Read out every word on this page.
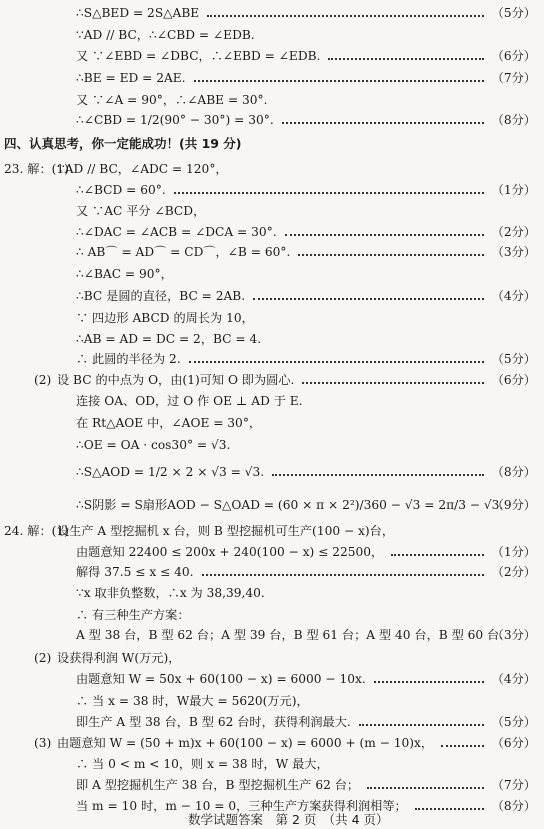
∴S△BED = 2S△ABE	（5分）
∵AD // BC，∴∠CBD = ∠EDB.
又 ∵∠EBD = ∠DBC，∴∠EBD = ∠EDB.	（6分）
∴BE = ED = 2AE.	（7分）
又 ∵∠A = 90°，∴∠ABE = 30°.
∴∠CBD = 1/2(90° − 30°) = 30°.	（8分）
四、认真思考，你一定能成功！(共 19 分)
23. 解：(1)
∵AD // BC，∠ADC = 120°，
∴∠BCD = 60°.	（1分）
又 ∵AC 平分 ∠BCD，
∴∠DAC = ∠ACB = ∠DCA = 30°.	（2分）
∴ AB⌒ = AD⌒ = CD⌒，∠B = 60°.	（3分）
∴∠BAC = 90°，
∴BC 是圆的直径，BC = 2AB.	（4分）
∵ 四边形 ABCD 的周长为 10，
∴AB = AD = DC = 2，BC = 4.
∴ 此圆的半径为 2.	（5分）
(2) 设 BC 的中点为 O，由(1)可知 O 即为圆心.	（6分）
连接 OA、OD，过 O 作 OE ⊥ AD 于 E.
在 Rt△AOE 中，∠AOE = 30°，
∴OE = OA · cos30° = √3.
∴S△AOD = 1/2 × 2 × √3 = √3.	（8分）
∴S阴影 = S扇形AOD − S△OAD = (60 × π × 2²)/360 − √3 = 2π/3 − √3.
（9分）
24. 解：(1)
设生产 A 型挖掘机 x 台，则 B 型挖掘机可生产(100 − x)台，
由题意知 22400 ≤ 200x + 240(100 − x) ≤ 22500，	（1分）
解得 37.5 ≤ x ≤ 40.	（2分）
∵x 取非负整数，∴x 为 38,39,40.
∴ 有三种生产方案：
A 型 38 台，B 型 62 台；A 型 39 台，B 型 61 台；A 型 40 台，B 型 60 台.
（3分）
(2) 设获得利润 W(万元)，
由题意知 W = 50x + 60(100 − x) = 6000 − 10x.	（4分）
∴ 当 x = 38 时，W最大 = 5620(万元)，
即生产 A 型 38 台，B 型 62 台时，获得利润最大.	（5分）
(3) 由题意知 W = (50 + m)x + 60(100 − x) = 6000 + (m − 10)x，	（6分）
∴ 当 0 < m < 10，则 x = 38 时，W 最大，
即 A 型挖掘机生产 38 台，B 型挖掘机生产 62 台；	（7分）
当 m = 10 时，m − 10 = 0，三种生产方案获得利润相等；	（8分）
数学试题答案　第 2 页　（共 4 页）
